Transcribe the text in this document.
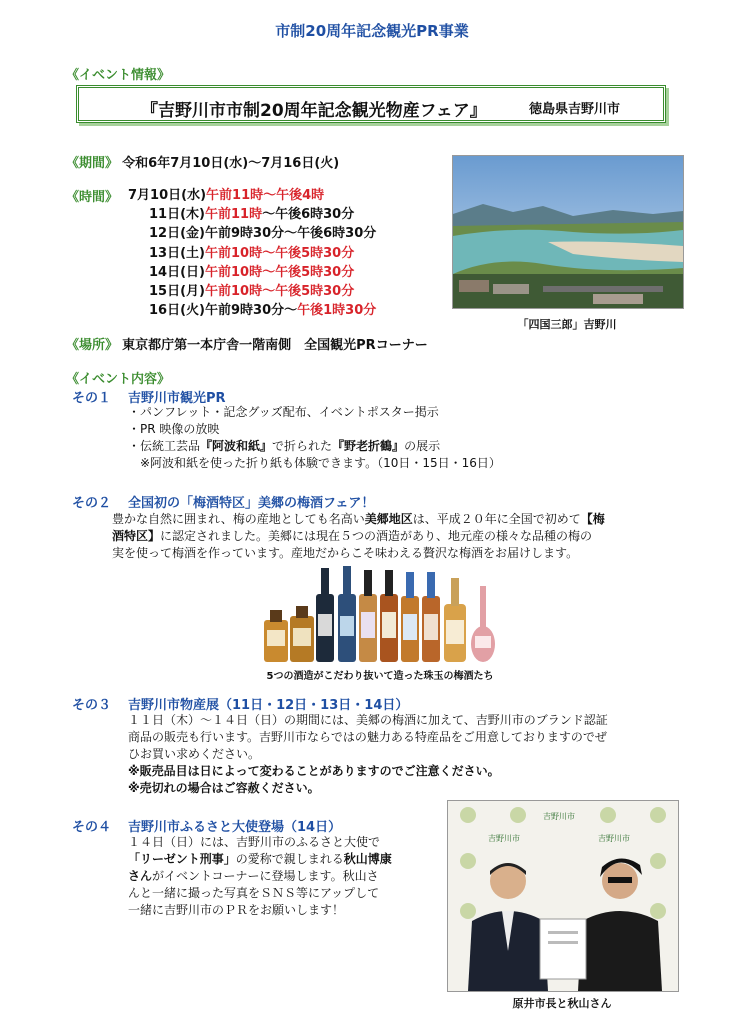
市制20周年記念観光PR事業
《イベント情報》
『吉野川市市制20周年記念観光物産フェア』	徳島県吉野川市
《期間》 令和6年7月10日(水)～7月16日(火)
《時間》 7月10日(水)午前11時～午後4時
11日(木)午前11時～午後6時30分
12日(金)午前9時30分～午後6時30分
13日(土)午前10時～午後5時30分
14日(日)午前10時～午後5時30分
15日(月)午前10時～午後5時30分
16日(火)午前9時30分～午後1時30分
「四国三郎」吉野川
《場所》 東京都庁第一本庁舎一階南側　全国観光PRコーナー
《イベント内容》
その１ 吉野川市観光PR
・パンフレット・記念グッズ配布、イベントポスター掲示
・PR 映像の放映
・伝統工芸品『阿波和紙』で折られた『野老折鶴』の展示
※阿波和紙を使った折り紙も体験できます。（10日・15日・16日）
その２ 全国初の「梅酒特区」美郷の梅酒フェア！
豊かな自然に囲まれ、梅の産地としても名高い美郷地区は、平成２０年に全国で初めて【梅
酒特区】に認定されました。美郷には現在５つの酒造があり、地元産の様々な品種の梅の
実を使って梅酒を作っています。産地だからこそ味わえる贅沢な梅酒をお届けします。
5つの酒造がこだわり抜いて造った珠玉の梅酒たち
その３ 吉野川市物産展（11日・12日・13日・14日）
１１日（木）～１４日（日）の期間には、美郷の梅酒に加えて、吉野川市のブランド認証
商品の販売も行います。吉野川市ならではの魅力ある特産品をご用意しておりますのでぜ
ひお買い求めください。
※販売品目は日によって変わることがありますのでご注意ください。
※売切れの場合はご容赦ください。
その４ 吉野川市ふるさと大使登場（14日）
１４日（日）には、吉野川市のふるさと大使で
「リーゼント刑事」の愛称で親しまれる秋山博康
さんがイベントコーナーに登場します。秋山さ
んと一緒に撮った写真をＳＮＳ等にアップして
一緒に吉野川市のＰＲをお願いします！
吉野川市
吉野川市	吉野川市
原井市長と秋山さん
